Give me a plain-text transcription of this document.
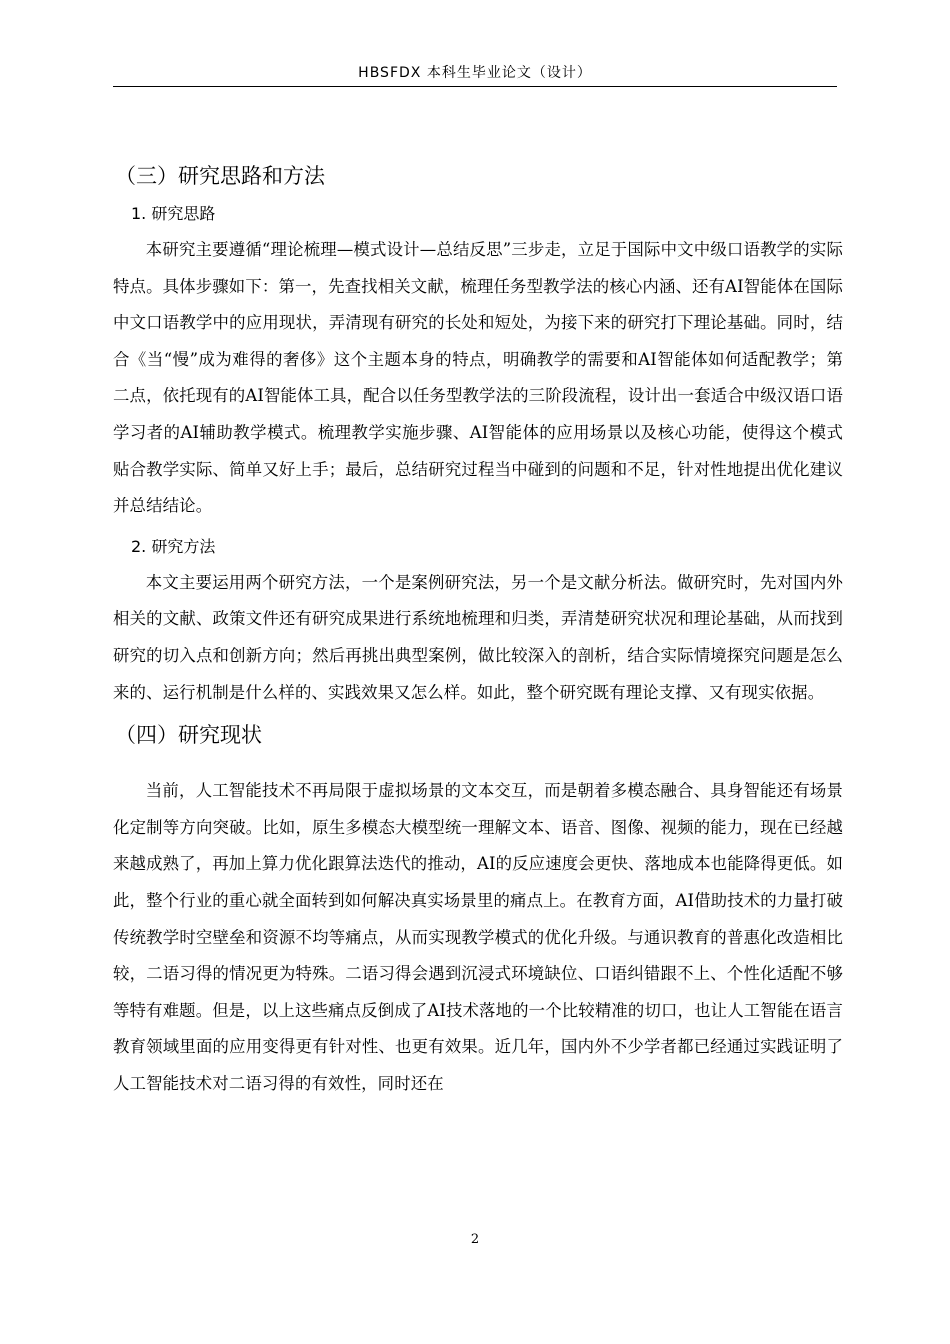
HBSFDX 本科生毕业论文（设计）
（三）研究思路和方法
1. 研究思路

本研究主要遵循“理论梳理—模式设计—总结反思”三步走，立足于国际中文中级口语教学的实际特点。具体步骤如下：第一，先查找相关文献，梳理任务型教学法的核心内涵、还有AI智能体在国际中文口语教学中的应用现状，弄清现有研究的长处和短处，为接下来的研究打下理论基础。同时，结合《当“慢”成为难得的奢侈》这个主题本身的特点，明确教学的需要和AI智能体如何适配教学；第二点，依托现有的AI智能体工具，配合以任务型教学法的三阶段流程，设计出一套适合中级汉语口语学习者的AI辅助教学模式。梳理教学实施步骤、AI智能体的应用场景以及核心功能，使得这个模式贴合教学实际、简单又好上手；最后，总结研究过程当中碰到的问题和不足，针对性地提出优化建议并总结结论。

2. 研究方法

本文主要运用两个研究方法，一个是案例研究法，另一个是文献分析法。做研究时，先对国内外相关的文献、政策文件还有研究成果进行系统地梳理和归类，弄清楚研究状况和理论基础，从而找到研究的切入点和创新方向；然后再挑出典型案例，做比较深入的剖析，结合实际情境探究问题是怎么来的、运行机制是什么样的、实践效果又怎么样。如此，整个研究既有理论支撑、又有现实依据。

（四）研究现状

当前，人工智能技术不再局限于虚拟场景的文本交互，而是朝着多模态融合、具身智能还有场景化定制等方向突破。比如，原生多模态大模型统一理解文本、语音、图像、视频的能力，现在已经越来越成熟了，再加上算力优化跟算法迭代的推动，AI的反应速度会更快、落地成本也能降得更低。如此，整个行业的重心就全面转到如何解决真实场景里的痛点上。在教育方面，AI借助技术的力量打破传统教学时空壁垒和资源不均等痛点，从而实现教学模式的优化升级。与通识教育的普惠化改造相比较，二语习得的情况更为特殊。二语习得会遇到沉浸式环境缺位、口语纠错跟不上、个性化适配不够等特有难题。但是，以上这些痛点反倒成了AI技术落地的一个比较精准的切口，也让人工智能在语言教育领域里面的应用变得更有针对性、也更有效果。近几年，国内外不少学者都已经通过实践证明了人工智能技术对二语习得的有效性，同时还在

2
